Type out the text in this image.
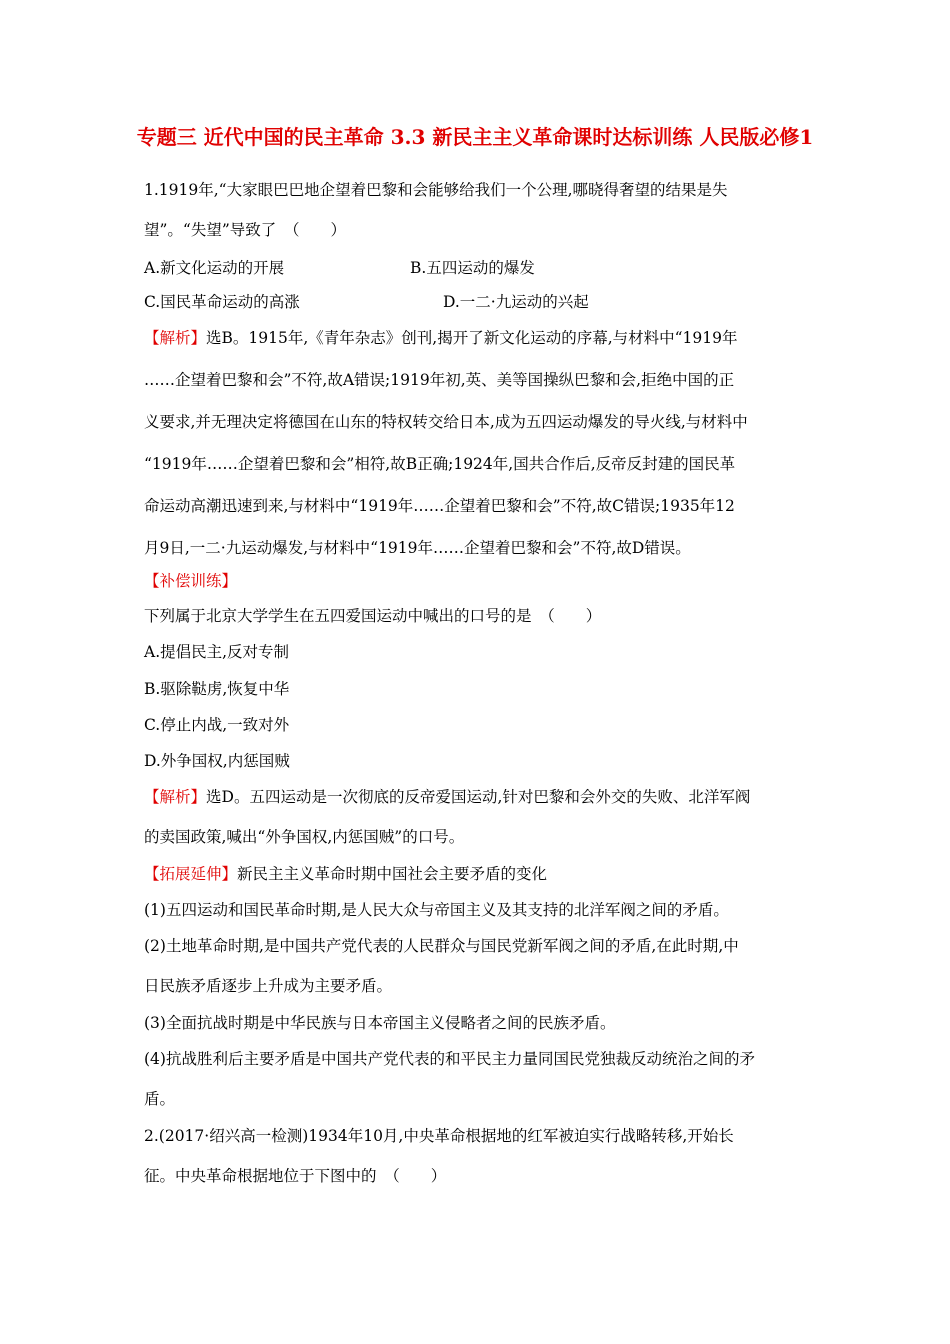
专题三 近代中国的民主革命 3.3 新民主主义革命课时达标训练 人民版必修1
1.1919年,“大家眼巴巴地企望着巴黎和会能够给我们一个公理,哪晓得奢望的结果是失
望”。“失望”导致了　（　　）
A.新文化运动的开展	B.五四运动的爆发
C.国民革命运动的高涨	D.一二·九运动的兴起
【解析】选B。1915年,《青年杂志》创刊,揭开了新文化运动的序幕,与材料中“1919年
……企望着巴黎和会”不符,故A错误;1919年初,英、美等国操纵巴黎和会,拒绝中国的正
义要求,并无理决定将德国在山东的特权转交给日本,成为五四运动爆发的导火线,与材料中
“1919年……企望着巴黎和会”相符,故B正确;1924年,国共合作后,反帝反封建的国民革
命运动高潮迅速到来,与材料中“1919年……企望着巴黎和会”不符,故C错误;1935年12
月9日,一二·九运动爆发,与材料中“1919年……企望着巴黎和会”不符,故D错误。
【补偿训练】
下列属于北京大学学生在五四爱国运动中喊出的口号的是　（　　）
A.提倡民主,反对专制
B.驱除鞑虏,恢复中华
C.停止内战,一致对外
D.外争国权,内惩国贼
【解析】选D。五四运动是一次彻底的反帝爱国运动,针对巴黎和会外交的失败、北洋军阀
的卖国政策,喊出“外争国权,内惩国贼”的口号。
【拓展延伸】新民主主义革命时期中国社会主要矛盾的变化
(1)五四运动和国民革命时期,是人民大众与帝国主义及其支持的北洋军阀之间的矛盾。
(2)土地革命时期,是中国共产党代表的人民群众与国民党新军阀之间的矛盾,在此时期,中
日民族矛盾逐步上升成为主要矛盾。
(3)全面抗战时期是中华民族与日本帝国主义侵略者之间的民族矛盾。
(4)抗战胜利后主要矛盾是中国共产党代表的和平民主力量同国民党独裁反动统治之间的矛
盾。
2.(2017·绍兴高一检测)1934年10月,中央革命根据地的红军被迫实行战略转移,开始长
征。中央革命根据地位于下图中的　（　　）
